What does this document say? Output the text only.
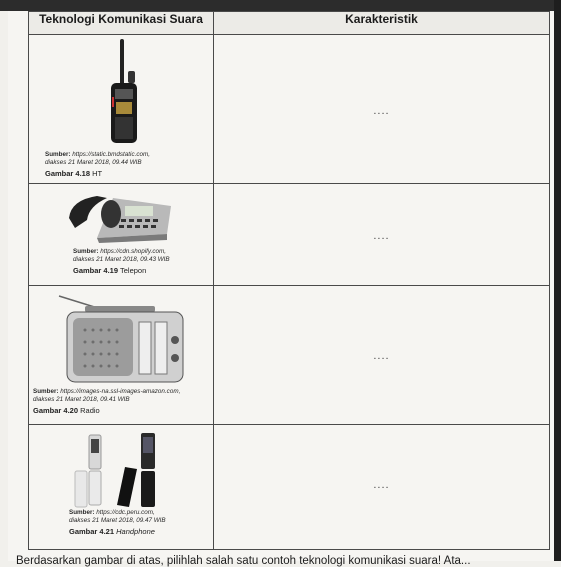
Teknologi Komunikasi Suara	Karakteristik

Sumber: https://static.bmdstatic.com,
diakses 21 Maret 2018, 09.44 WIB
Gambar 4.18 HT	....

Sumber: https://cdn.shopify.com,
diakses 21 Maret 2018, 09.43 WIB
Gambar 4.19 Telepon	....

Sumber: https://images-na.ssl-images-amazon.com,
diakses 21 Maret 2018, 09.41 WIB
Gambar 4.20 Radio	....

Sumber: https://cdc.peru.com,
diakses 21 Maret 2018, 09.47 WIB
Gambar 4.21 Handphone	....
Berdasarkan gambar di atas, pilihlah salah satu contoh teknologi komunikasi suara! Ata...
